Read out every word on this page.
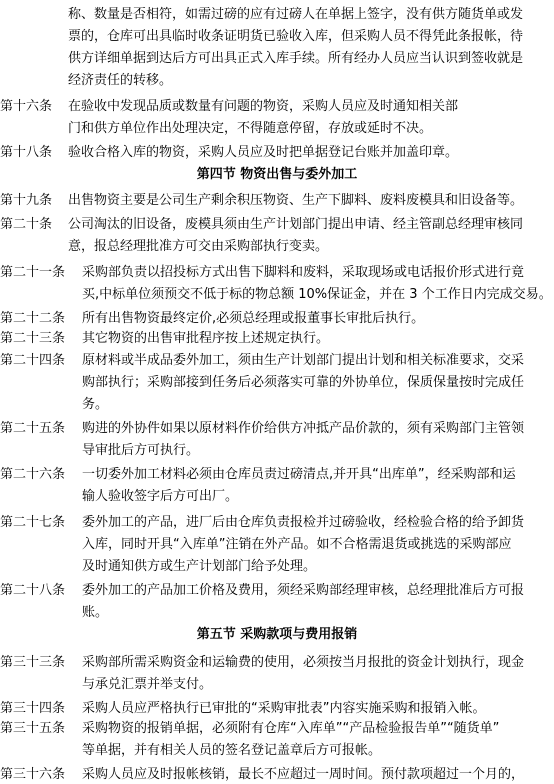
称、数量是否相符，如需过磅的应有过磅人在单据上签字，没有供方随货单或发
票的，仓库可出具临时收条证明货已验收入库，但采购人员不得凭此条报帐，待
供方详细单据到达后方可出具正式入库手续。所有经办人员应当认识到签收就是
经济责任的转移。
第十六条 在验收中发现品质或数量有问题的物资，采购人员应及时通知相关部
门和供方单位作出处理决定，不得随意停留，存放或延时不决。
第十八条 验收合格入库的物资，采购人员应及时把单据登记台账并加盖印章。
第四节 物资出售与委外加工
第十九条 出售物资主要是公司生产剩余积压物资、生产下脚料、废料废模具和旧设备等。
第二十条 公司淘汰的旧设备，废模具须由生产计划部门提出申请、经主管副总经理审核同
意，报总经理批准方可交由采购部执行变卖。
第二十一条 采购部负责以招投标方式出售下脚料和废料，采取现场或电话报价形式进行竟
买,中标单位须预交不低于标的物总额 10%保证金，并在 3 个工作日内完成交易。
第二十二条 所有出售物资最终定价,必须总经理或报董事长审批后执行。
第二十三条 其它物资的出售审批程序按上述规定执行。
第二十四条 原材料或半成品委外加工，须由生产计划部门提出计划和相关标准要求，交采
购部执行；采购部接到任务后必须落实可靠的外协单位，保质保量按时完成任
务。
第二十五条 购进的外协件如果以原材料作价给供方冲抵产品价款的，须有采购部门主管领
导审批后方可执行。
第二十六条 一切委外加工材料必须由仓库员责过磅清点,并开具“出库单”，经采购部和运
输人验收签字后方可出厂。
第二十七条 委外加工的产品，进厂后由仓库负责报检并过磅验收，经检验合格的给予卸货
入库，同时开具“入库单”注销在外产品。如不合格需退货或挑选的采购部应
及时通知供方或生产计划部门给予处理。
第二十八条 委外加工的产品加工价格及费用，须经采购部经理审核，总经理批准后方可报
账。
第五节 采购款项与费用报销
第三十三条 采购部所需采购资金和运输费的使用，必须按当月报批的资金计划执行，现金
与承兑汇票并举支付。
第三十四条 采购人员应严格执行已审批的“采购审批表”内容实施采购和报销入帐。
第三十五条 采购物资的报销单据，必须附有仓库“入库单”“产品检验报告单”“随货单”
等单据，并有相关人员的签名登记盖章后方可报帐。
第三十六条 采购人员应及时报帐核销，最长不应超过一周时间。预付款项超过一个月的，
